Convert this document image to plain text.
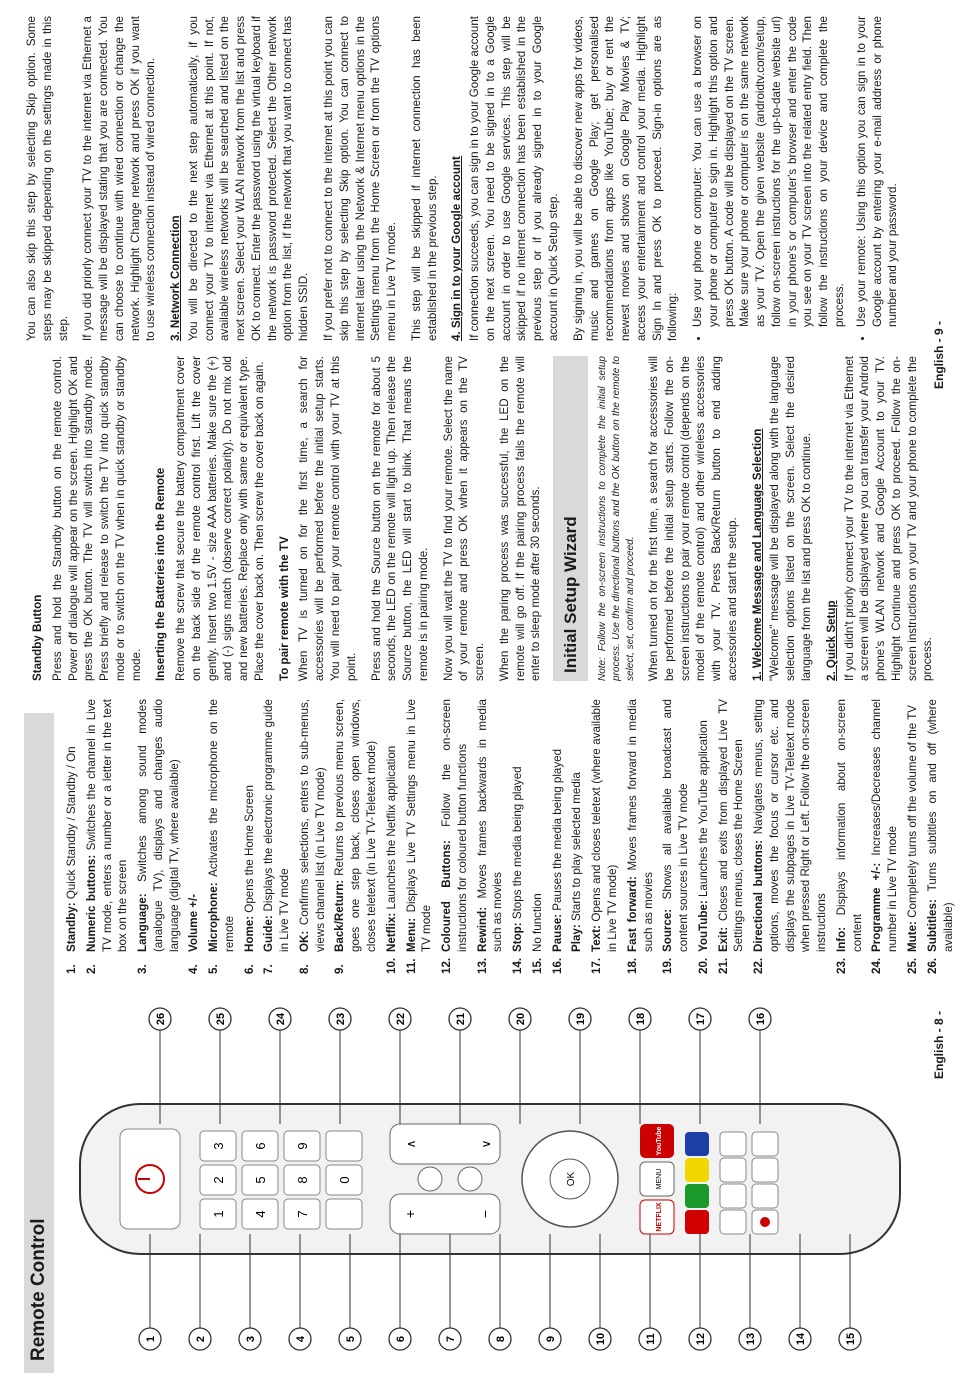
Remote Control
1
2
3
4
5
6
7
8
9
0
+	−
∧	∨
OK
NETFLIX
MENU
YouTube
1	2	3	4	5	6	7	8	9	10	11	12	13	14	15
26	25	24	23	22	21	20	19	18	17	16
1.
Standby: Quick Standby / Standby / On
2.
Numeric buttons: Switches the channel in Live TV mode, enters a number or a letter in the text box on the screen
3.
Language: Switches among sound modes (analogue TV), displays and changes audio language (digital TV, where available)
4.
Volume +/-
5.
Microphone: Activates the microphone on the remote
6.
Home: Opens the Home Screen
7.
Guide: Displays the electronic programme guide in Live TV mode
8.
OK: Confirms selections, enters to sub-menus, views channel list (in Live TV mode)
9.
Back/Return: Returns to previous menu screen, goes one step back, closes open windows, closes teletext (in Live TV-Teletext mode)
10.
Netflix: Launches the Netflix application
11.
Menu: Displays Live TV Settings menu in Live TV mode
12.
Coloured Buttons: Follow the on-screen instructions for coloured button functions
13.
Rewind: Moves frames backwards in media such as movies
14.
Stop: Stops the media being played
15.
No function
16.
Pause: Pauses the media being played
Play: Starts to play selected media
17.
Text: Opens and closes teletext (where available in Live TV mode)
18.
Fast forward: Moves frames forward in media such as movies
19.
Source: Shows all available broadcast and content sources in Live TV mode
20.
YouTube: Launches the YouTube application
21.
Exit: Closes and exits from displayed Live TV Settings menus, closes the Home Screen
22.
Directional buttons: Navigates menus, setting options, moves the focus or cursor etc. and displays the subpages in Live TV-Teletext mode when pressed Right or Left. Follow the on-screen instructions
23.
Info: Displays information about on-screen content
24.
Programme +/-: Increases/Decreases channel number in Live TV mode
25.
Mute: Completely turns off the volume of the TV
26.
Subtitles: Turns subtitles on and off (where available)
English - 8 -
Standby Button Press and hold the Standby button on the remote control. Power off dialogue will appear on the screen. Highlight OK and press the OK button. The TV will switch into standby mode. Press briefly and release to switch the TV into quick standby mode or to switch on the TV when in quick standby or standby mode. Inserting the Batteries into the Remote Remove the screw that secure the battery compartment cover on the back side of the remote control first. Lift the cover gently. Insert two 1.5V - size AAA batteries. Make sure the (+) and (-) signs match (observe correct polarity). Do not mix old and new batteries. Replace only with same or equivalent type. Place the cover back on. Then screw the cover back on again. To pair remote with the TV When TV is turned on for the first time, a search for accessories will be performed before the initial setup starts. You will need to pair your remote control with your TV at this point. Press and hold the Source button on the remote for about 5 seconds, the LED on the remote will light up. Then release the Source button, the LED will start to blink. That means the remote is in pairing mode. Now you will wait the TV to find your remote. Select the name of your remote and press OK when it appears on the TV screen. When the paring process was successful, the LED on the remote will go off. If the pairing process fails the remote will enter to sleep mode after 30 seconds.	Initial Setup Wizard	Note: Follow the on-screen instructions to complete the initial setup process. Use the directional buttons and the OK button on the remote to select, set, confirm and proceed. When turned on for the first time, a search for accessories will be performed before the initial setup starts. Follow the on-screen instructions to pair your remote control (depends on the model of the remote control) and other wireless accessories with your TV. Press Back/Return button to end adding accessories and start the setup. 1. Welcome Message and Language Selection "Welcome" message will be displayed along with the language selection options listed on the screen. Select the desired language from the list and press OK to continue. 2. Quick Setup If you didn't priorly connect your TV to the internet via Ethernet a screen will be displayed where you can transfer your Android phone's WLAN network and Google Account to your TV. Highlight Continue and press OK to proceed. Follow the on-screen instructions on your TV and your phone to complete the process.

You can also skip this step by selecting Skip option. Some steps may be skipped depending on the settings made in this step. If you did priorly connect your TV to the internet via Ethernet a message will be displayed stating that you are connected. You can choose to continue with wired connection or change the network. Highlight Change network and press OK if you want to use wireless connection instead of wired connection. 3. Network Connection You will be directed to the next step automatically, if you connect your TV to internet via Ethernet at this point. If not, available wireless networks will be searched and listed on the next screen. Select your WLAN network from the list and press OK to connect. Enter the password using the virtual keyboard if the network is password protected. Select the Other network option from the list, if the network that you want to connect has hidden SSID. If you prefer not to connect to the internet at this point you can skip this step by selecting Skip option. You can connect to internet later using the Network & Internet menu options in the Settings menu from the Home Screen or from the TV options menu in Live TV mode. This step will be skipped if internet connection has been established in the previous step. 4. Sign in to your Google account If connection succeeds, you can sign in to your Google account on the next screen. You need to be signed in to a Google account in order to use Google services. This step will be skipped if no internet connection has been established in the previous step or if you already signed in to your Google account in Quick Setup step. By signing in, you will be able to discover new apps for videos, music and games on Google Play; get personalised recommendations from apps like YouTube; buy or rent the newest movies and shows on Google Play Movies & TV; access your entertainment and control your media. Highlight Sign In and press OK to proceed. Sign-in options are as following: • Use your phone or computer: You can use a browser on your phone or computer to sign in. Highlight this option and press OK button. A code will be displayed on the TV screen. Make sure your phone or computer is on the same network as your TV. Open the given website (androidtv.com/setup, follow on-screen instructions for the up-to-date website url) in your phone's or computer's browser and enter the code you see on your TV screen into the related entry field. Then follow the instructions on your device and complete the process. • Use your remote: Using this option you can sign in to your Google account by entering your e-mail address or phone number and your password.
English - 9 -
